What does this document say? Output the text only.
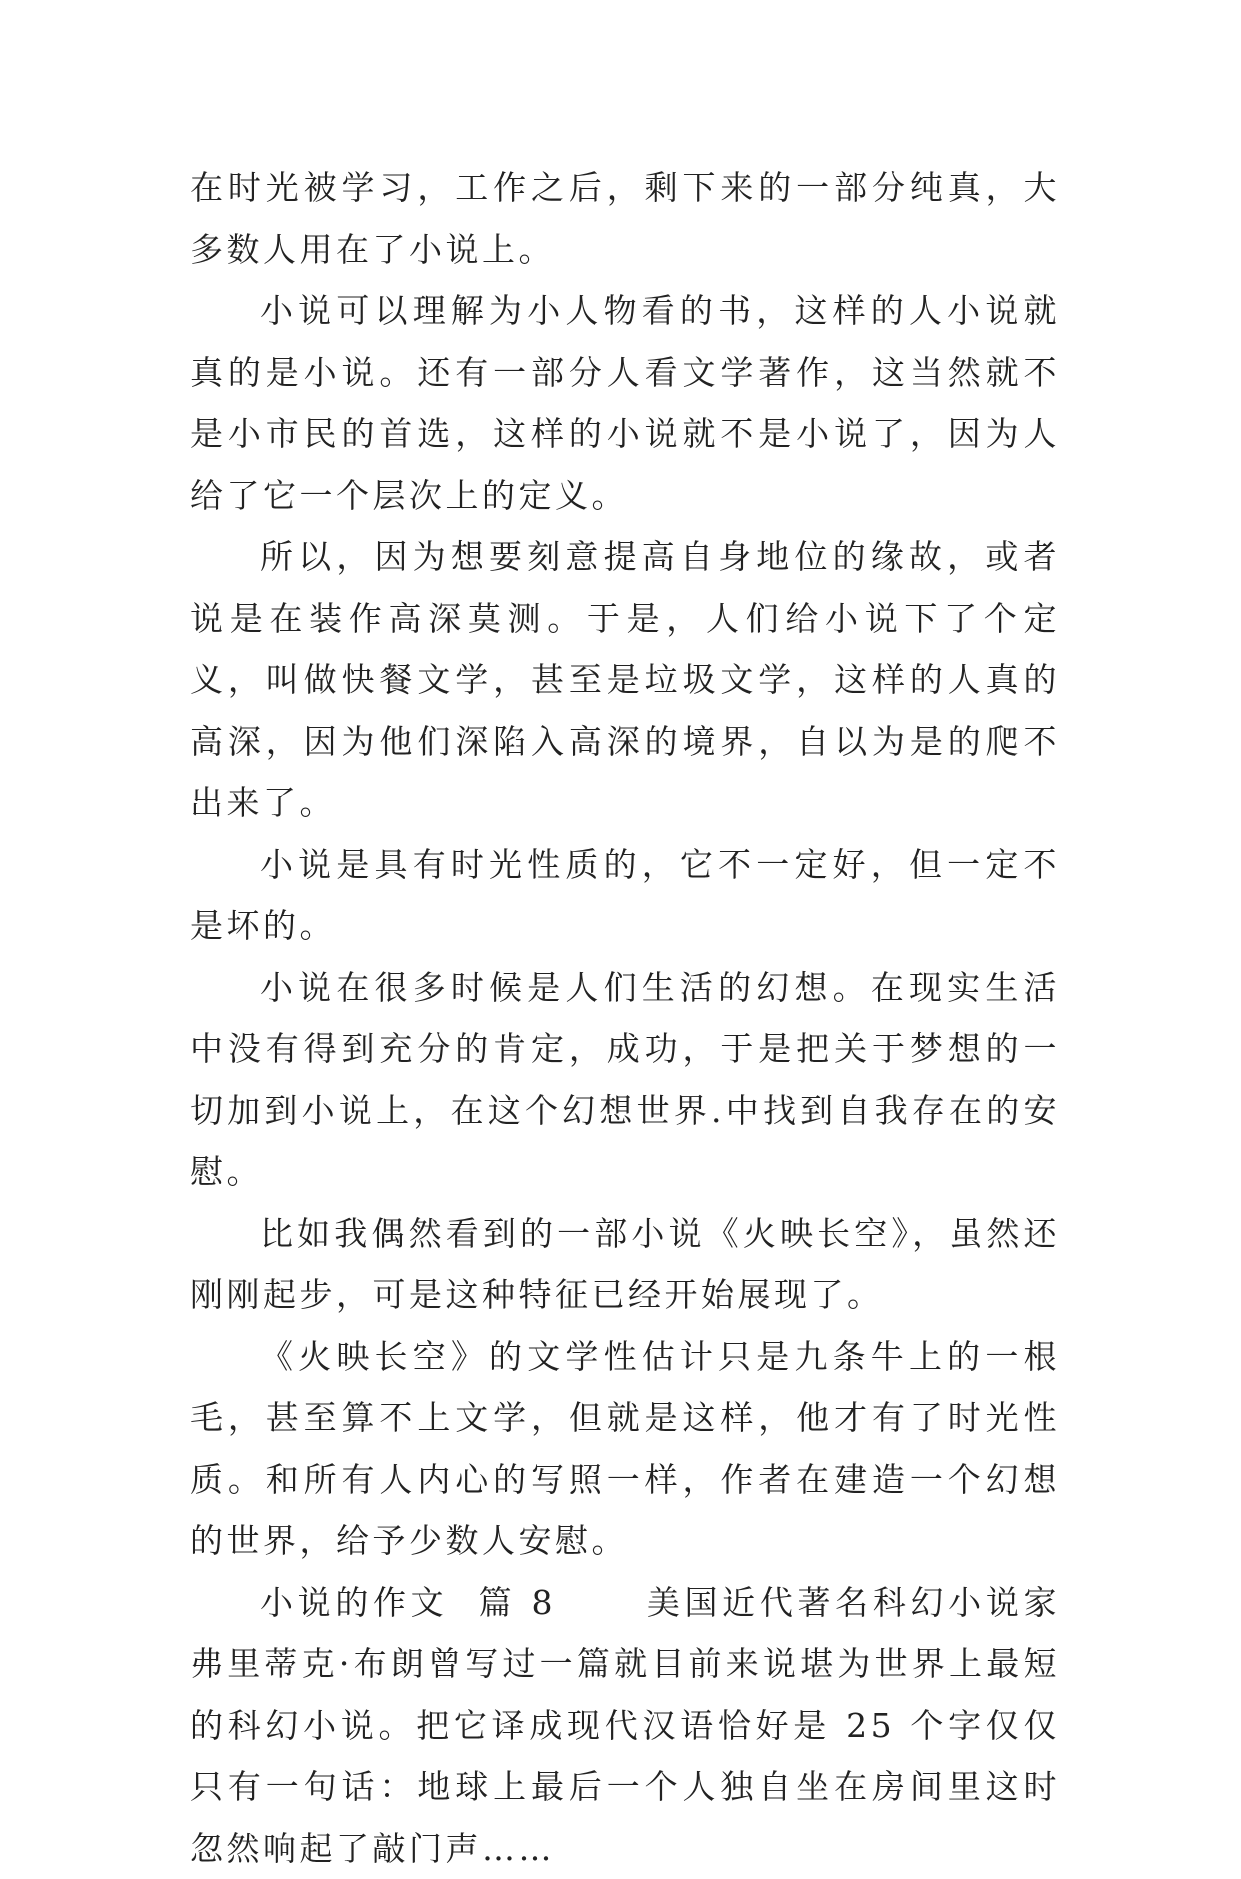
在时光被学习，工作之后，剩下来的一部分纯真，大多数人用在了小说上。

小说可以理解为小人物看的书，这样的人小说就真的是小说。还有一部分人看文学著作，这当然就不是小市民的首选，这样的小说就不是小说了，因为人给了它一个层次上的定义。

所以，因为想要刻意提高自身地位的缘故，或者说是在装作高深莫测。于是，人们给小说下了个定义，叫做快餐文学，甚至是垃圾文学，这样的人真的高深，因为他们深陷入高深的境界，自以为是的爬不出来了。

小说是具有时光性质的，它不一定好，但一定不是坏的。

小说在很多时候是人们生活的幻想。在现实生活中没有得到充分的肯定，成功，于是把关于梦想的一切加到小说上，在这个幻想世界.中找到自我存在的安慰。

比如我偶然看到的一部小说《火映长空》，虽然还刚刚起步，可是这种特征已经开始展现了。

《火映长空》的文学性估计只是九条牛上的一根毛，甚至算不上文学，但就是这样，他才有了时光性质。和所有人内心的写照一样，作者在建造一个幻想的世界，给予少数人安慰。

小说的作文  篇 8      美国近代著名科幻小说家弗里蒂克·布朗曾写过一篇就目前来说堪为世界上最短的科幻小说。把它译成现代汉语恰好是 25 个字仅仅只有一句话：地球上最后一个人独自坐在房间里这时忽然响起了敲门声……
